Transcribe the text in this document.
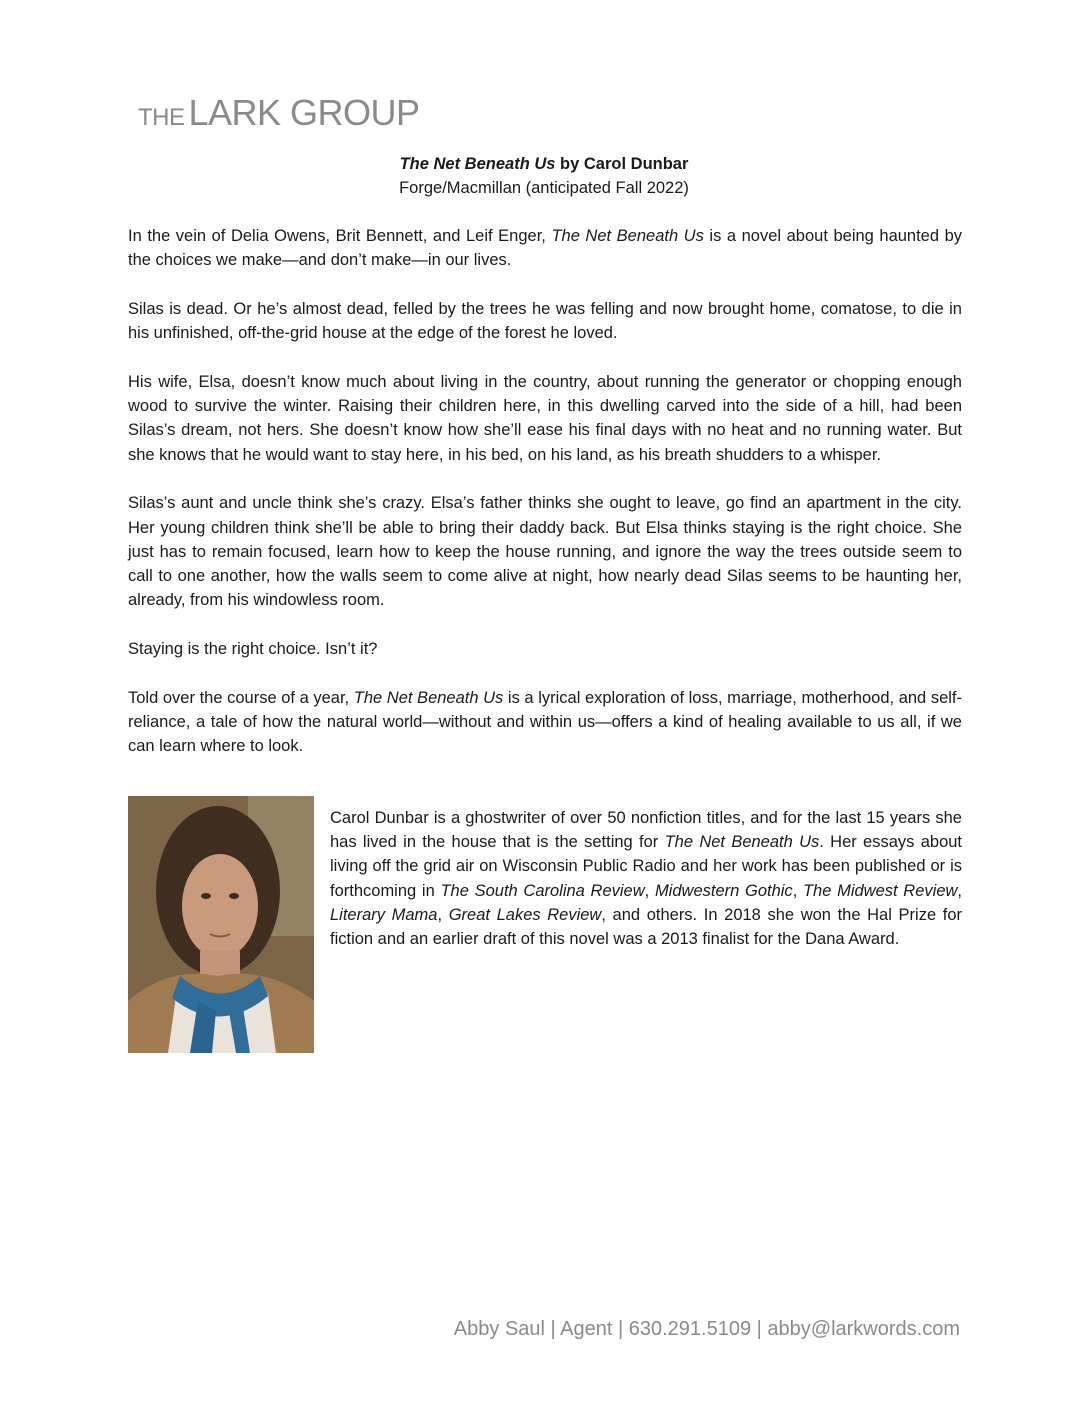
THE LARK GROUP
The Net Beneath Us by Carol Dunbar
Forge/Macmillan (anticipated Fall 2022)

In the vein of Delia Owens, Brit Bennett, and Leif Enger, The Net Beneath Us is a novel about being haunted by the choices we make—and don’t make—in our lives.

Silas is dead. Or he’s almost dead, felled by the trees he was felling and now brought home, comatose, to die in his unfinished, off-the-grid house at the edge of the forest he loved.

His wife, Elsa, doesn’t know much about living in the country, about running the generator or chopping enough wood to survive the winter. Raising their children here, in this dwelling carved into the side of a hill, had been Silas’s dream, not hers. She doesn’t know how she’ll ease his final days with no heat and no running water. But she knows that he would want to stay here, in his bed, on his land, as his breath shudders to a whisper.

Silas’s aunt and uncle think she’s crazy. Elsa’s father thinks she ought to leave, go find an apartment in the city. Her young children think she’ll be able to bring their daddy back. But Elsa thinks staying is the right choice. She just has to remain focused, learn how to keep the house running, and ignore the way the trees outside seem to call to one another, how the walls seem to come alive at night, how nearly dead Silas seems to be haunting her, already, from his windowless room.

Staying is the right choice. Isn’t it?

Told over the course of a year, The Net Beneath Us is a lyrical exploration of loss, marriage, motherhood, and self-reliance, a tale of how the natural world—without and within us—offers a kind of healing available to us all, if we can learn where to look.

Carol Dunbar is a ghostwriter of over 50 nonfiction titles, and for the last 15 years she has lived in the house that is the setting for The Net Beneath Us. Her essays about living off the grid air on Wisconsin Public Radio and her work has been published or is forthcoming in The South Carolina Review, Midwestern Gothic, The Midwest Review, Literary Mama, Great Lakes Review, and others. In 2018 she won the Hal Prize for fiction and an earlier draft of this novel was a 2013 finalist for the Dana Award.
Abby Saul | Agent | 630.291.5109 | abby@larkwords.com
